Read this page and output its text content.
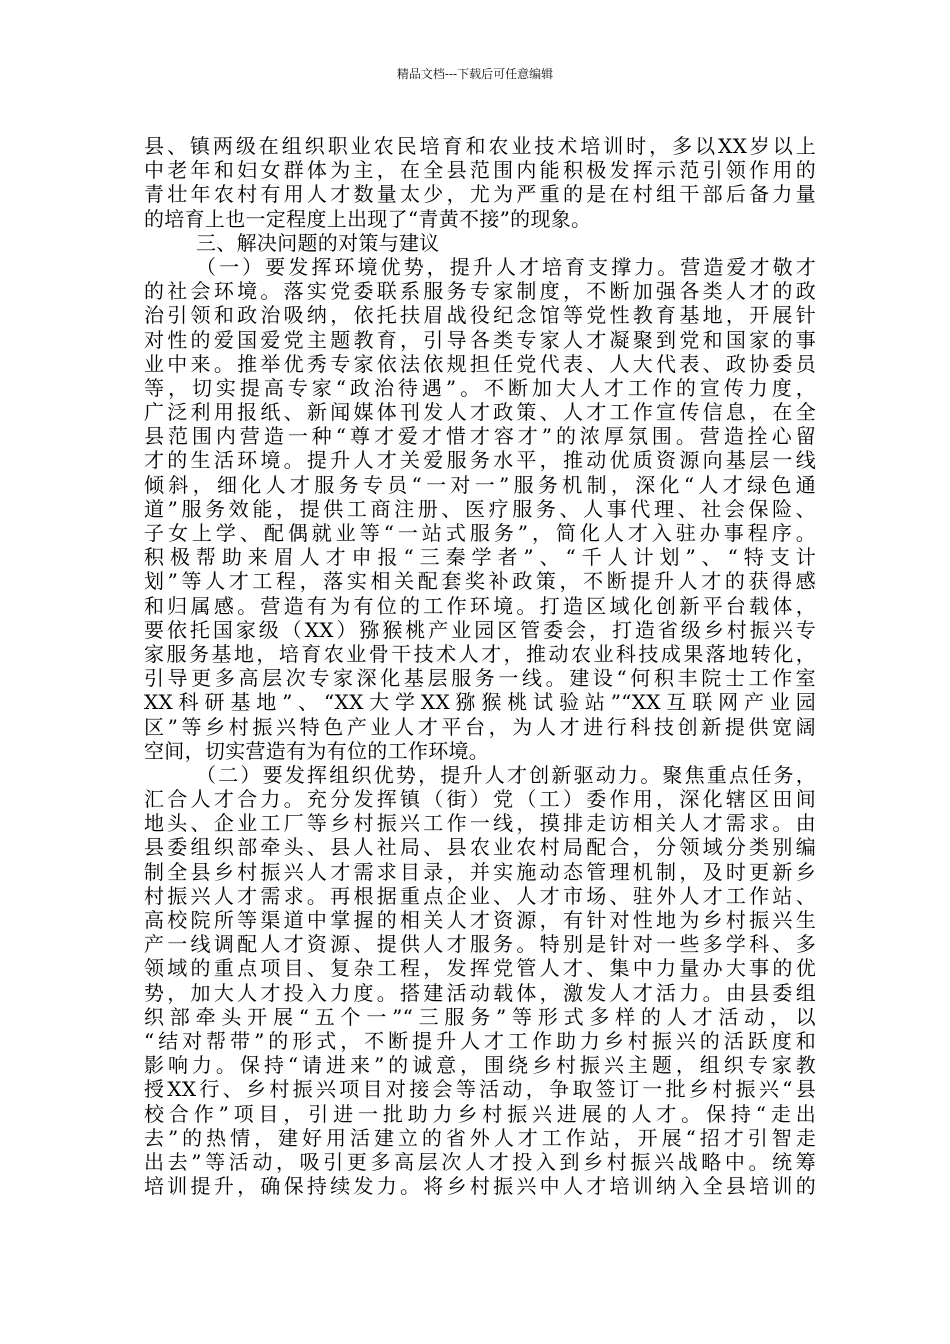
精品文档---下载后可任意编辑
县、镇两级在组织职业农民培育和农业技术培训时，多以XX岁以上
中老年和妇女群体为主，在全县范围内能积极发挥示范引领作用的
青壮年农村有用人才数量太少，尤为严重的是在村组干部后备力量
的培育上也一定程度上出现了“青黄不接”的现象。
三、解决问题的对策与建议
（一）要发挥环境优势，提升人才培育支撑力。营造爱才敬才
的社会环境。落实党委联系服务专家制度，不断加强各类人才的政
治引领和政治吸纳，依托扶眉战役纪念馆等党性教育基地，开展针
对性的爱国爱党主题教育，引导各类专家人才凝聚到党和国家的事
业中来。推举优秀专家依法依规担任党代表、人大代表、政协委员
等，切实提高专家“政治待遇”。不断加大人才工作的宣传力度，
广泛利用报纸、新闻媒体刊发人才政策、人才工作宣传信息，在全
县范围内营造一种“尊才爱才惜才容才”的浓厚氛围。营造拴心留
才的生活环境。提升人才关爱服务水平，推动优质资源向基层一线
倾斜，细化人才服务专员“一对一”服务机制，深化“人才绿色通
道”服务效能，提供工商注册、医疗服务、人事代理、社会保险、
子女上学、配偶就业等“一站式服务”，简化人才入驻办事程序。
积极帮助来眉人才申报“三秦学者”、“千人计划”、“特支计
划”等人才工程，落实相关配套奖补政策，不断提升人才的获得感
和归属感。营造有为有位的工作环境。打造区域化创新平台载体，
要依托国家级（XX）猕猴桃产业园区管委会，打造省级乡村振兴专
家服务基地，培育农业骨干技术人才，推动农业科技成果落地转化，
引导更多高层次专家深化基层服务一线。建设“何积丰院士工作室
XX科研基地”、“XX大学XX猕猴桃试验站”“XX互联网产业园
区”等乡村振兴特色产业人才平台，为人才进行科技创新提供宽阔
空间，切实营造有为有位的工作环境。
（二）要发挥组织优势，提升人才创新驱动力。聚焦重点任务，
汇合人才合力。充分发挥镇（街）党（工）委作用，深化辖区田间
地头、企业工厂等乡村振兴工作一线，摸排走访相关人才需求。由
县委组织部牵头、县人社局、县农业农村局配合，分领域分类别编
制全县乡村振兴人才需求目录，并实施动态管理机制，及时更新乡
村振兴人才需求。再根据重点企业、人才市场、驻外人才工作站、
高校院所等渠道中掌握的相关人才资源，有针对性地为乡村振兴生
产一线调配人才资源、提供人才服务。特别是针对一些多学科、多
领域的重点项目、复杂工程，发挥党管人才、集中力量办大事的优
势，加大人才投入力度。搭建活动载体，激发人才活力。由县委组
织部牵头开展“五个一”“三服务”等形式多样的人才活动，以
“结对帮带”的形式，不断提升人才工作助力乡村振兴的活跃度和
影响力。保持“请进来”的诚意，围绕乡村振兴主题，组织专家教
授XX行、乡村振兴项目对接会等活动，争取签订一批乡村振兴“县
校合作”项目，引进一批助力乡村振兴进展的人才。保持“走出
去”的热情，建好用活建立的省外人才工作站，开展“招才引智走
出去”等活动，吸引更多高层次人才投入到乡村振兴战略中。统筹
培训提升，确保持续发力。将乡村振兴中人才培训纳入全县培训的
